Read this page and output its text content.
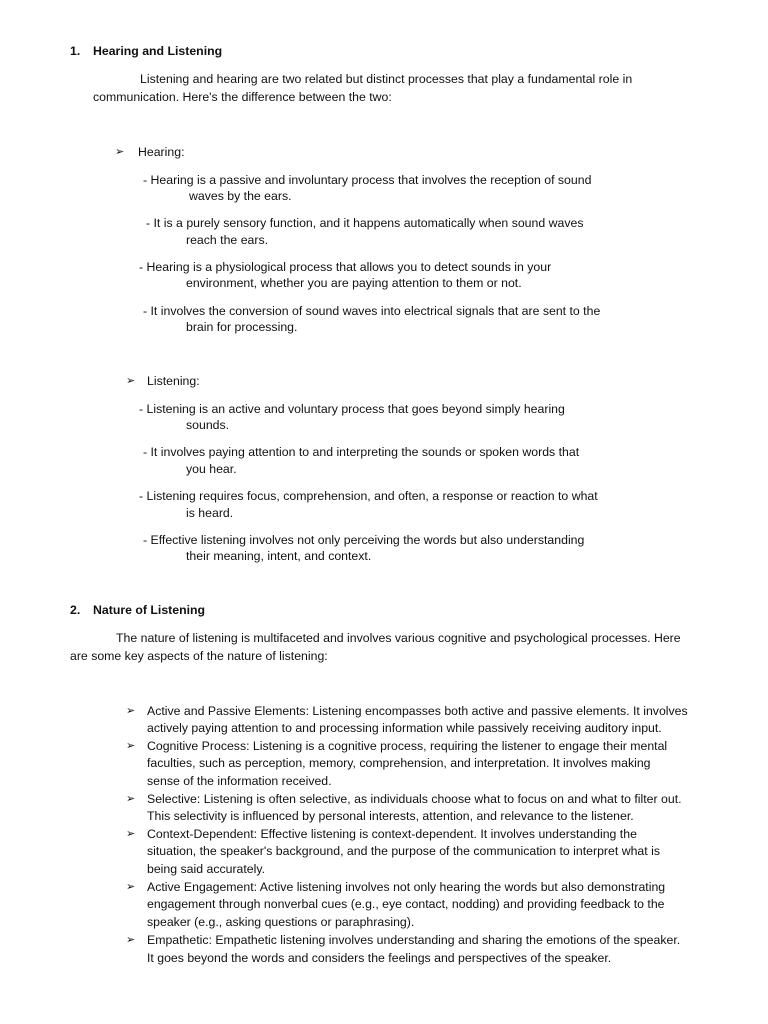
1. Hearing and Listening
Listening and hearing are two related but distinct processes that play a fundamental role in
communication. Here's the difference between the two:
➢ Hearing:
- Hearing is a passive and involuntary process that involves the reception of sound
waves by the ears.
- It is a purely sensory function, and it happens automatically when sound waves
reach the ears.
- Hearing is a physiological process that allows you to detect sounds in your
environment, whether you are paying attention to them or not.
- It involves the conversion of sound waves into electrical signals that are sent to the
brain for processing.
➢ Listening:
- Listening is an active and voluntary process that goes beyond simply hearing
sounds.
- It involves paying attention to and interpreting the sounds or spoken words that
you hear.
- Listening requires focus, comprehension, and often, a response or reaction to what
is heard.
- Effective listening involves not only perceiving the words but also understanding
their meaning, intent, and context.
2. Nature of Listening
The nature of listening is multifaceted and involves various cognitive and psychological processes. Here
are some key aspects of the nature of listening:
➢ Active and Passive Elements: Listening encompasses both active and passive elements. It involves
actively paying attention to and processing information while passively receiving auditory input.
➢ Cognitive Process: Listening is a cognitive process, requiring the listener to engage their mental
faculties, such as perception, memory, comprehension, and interpretation. It involves making
sense of the information received.
➢ Selective: Listening is often selective, as individuals choose what to focus on and what to filter out.
This selectivity is influenced by personal interests, attention, and relevance to the listener.
➢ Context-Dependent: Effective listening is context-dependent. It involves understanding the
situation, the speaker's background, and the purpose of the communication to interpret what is
being said accurately.
➢ Active Engagement: Active listening involves not only hearing the words but also demonstrating
engagement through nonverbal cues (e.g., eye contact, nodding) and providing feedback to the
speaker (e.g., asking questions or paraphrasing).
➢ Empathetic: Empathetic listening involves understanding and sharing the emotions of the speaker.
It goes beyond the words and considers the feelings and perspectives of the speaker.
